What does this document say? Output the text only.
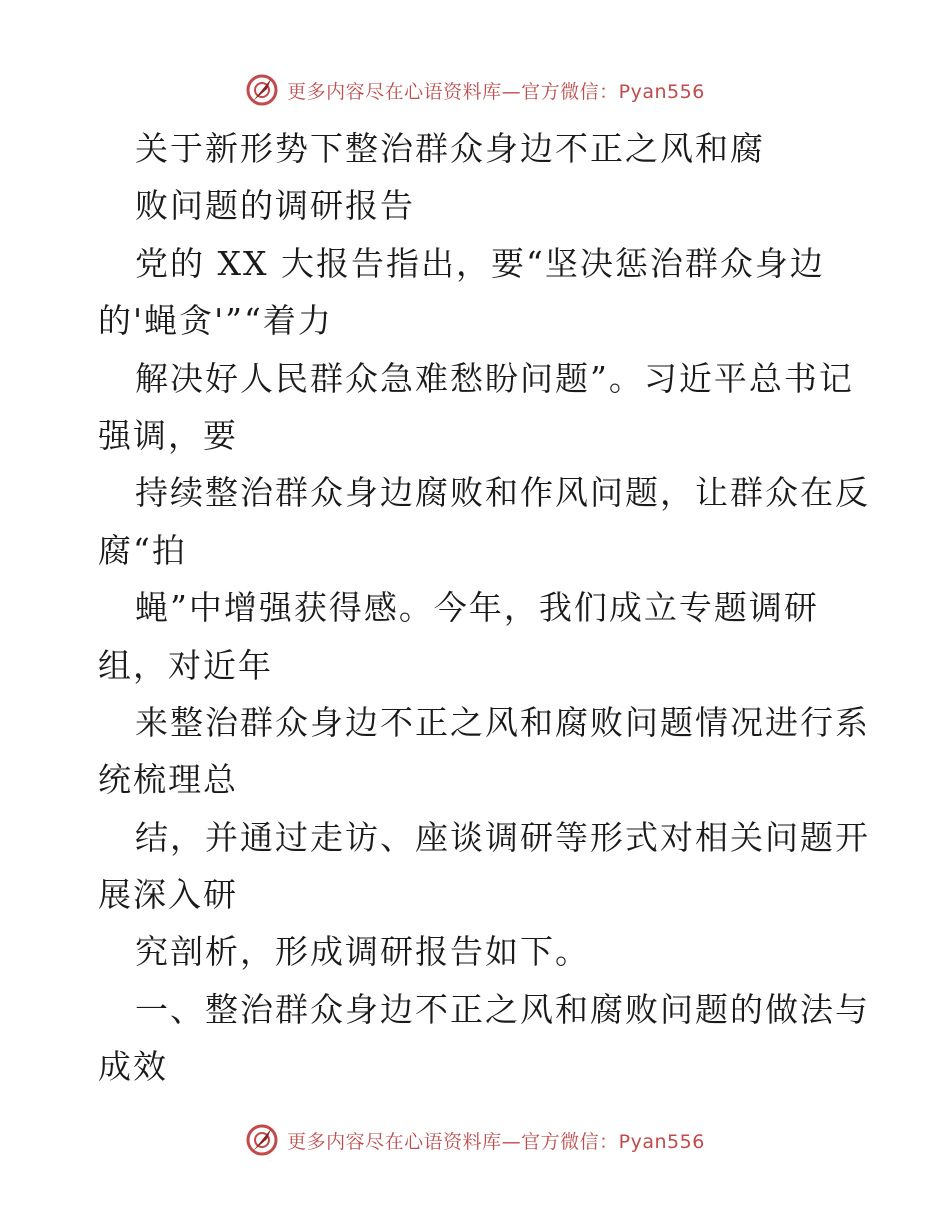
更多内容尽在心语资料库—官方微信：Pyan556
关于新形势下整治群众身边不正之风和腐
败问题的调研报告
党的 XX 大报告指出，要“坚决惩治群众身边
的'蝇贪'”“着力
解决好人民群众急难愁盼问题”。习近平总书记
强调，要
持续整治群众身边腐败和作风问题，让群众在反
腐“拍
蝇”中增强获得感。今年，我们成立专题调研
组，对近年
来整治群众身边不正之风和腐败问题情况进行系
统梳理总
结，并通过走访、座谈调研等形式对相关问题开
展深入研
究剖析，形成调研报告如下。
一、整治群众身边不正之风和腐败问题的做法与
成效
更多内容尽在心语资料库—官方微信：Pyan556
